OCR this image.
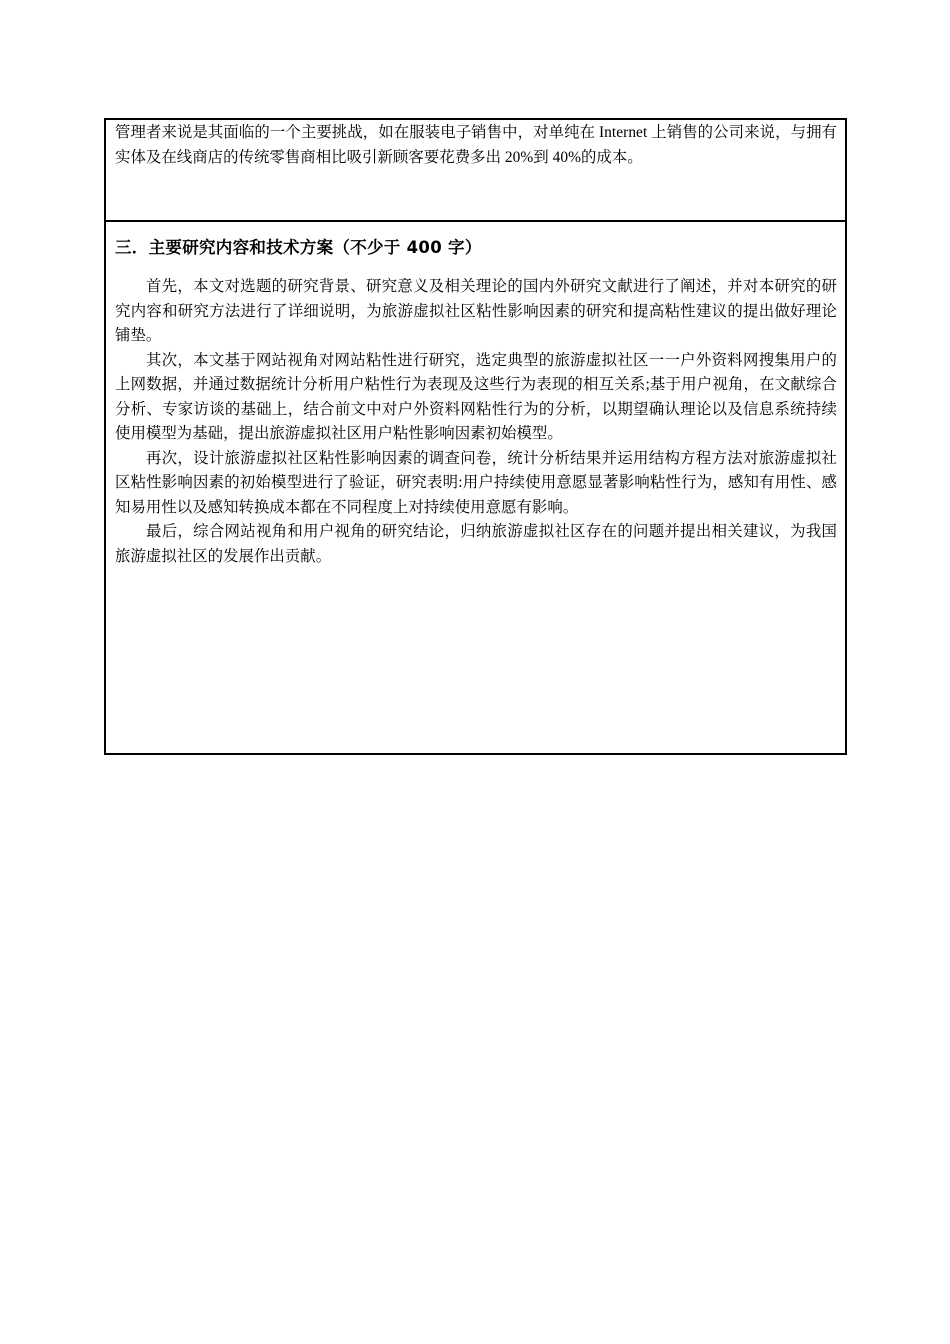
管理者来说是其面临的一个主要挑战，如在服装电子销售中，对单纯在 Internet 上销售的公司来说，与拥有实体及在线商店的传统零售商相比吸引新顾客要花费多出 20%到 40%的成本。

三．主要研究内容和技术方案（不少于 400 字）

首先，本文对选题的研究背景、研究意义及相关理论的国内外研究文献进行了阐述，并对本研究的研究内容和研究方法进行了详细说明，为旅游虚拟社区粘性影响因素的研究和提高粘性建议的提出做好理论铺垫。

其次，本文基于网站视角对网站粘性进行研究，选定典型的旅游虚拟社区一一户外资料网搜集用户的上网数据，并通过数据统计分析用户粘性行为表现及这些行为表现的相互关系;基于用户视角，在文献综合分析、专家访谈的基础上，结合前文中对户外资料网粘性行为的分析，以期望确认理论以及信息系统持续使用模型为基础，提出旅游虚拟社区用户粘性影响因素初始模型。

再次，设计旅游虚拟社区粘性影响因素的调查问卷，统计分析结果并运用结构方程方法对旅游虚拟社区粘性影响因素的初始模型进行了验证，研究表明:用户持续使用意愿显著影响粘性行为，感知有用性、感知易用性以及感知转换成本都在不同程度上对持续使用意愿有影响。

最后，综合网站视角和用户视角的研究结论，归纳旅游虚拟社区存在的问题并提出相关建议，为我国旅游虚拟社区的发展作出贡献。
